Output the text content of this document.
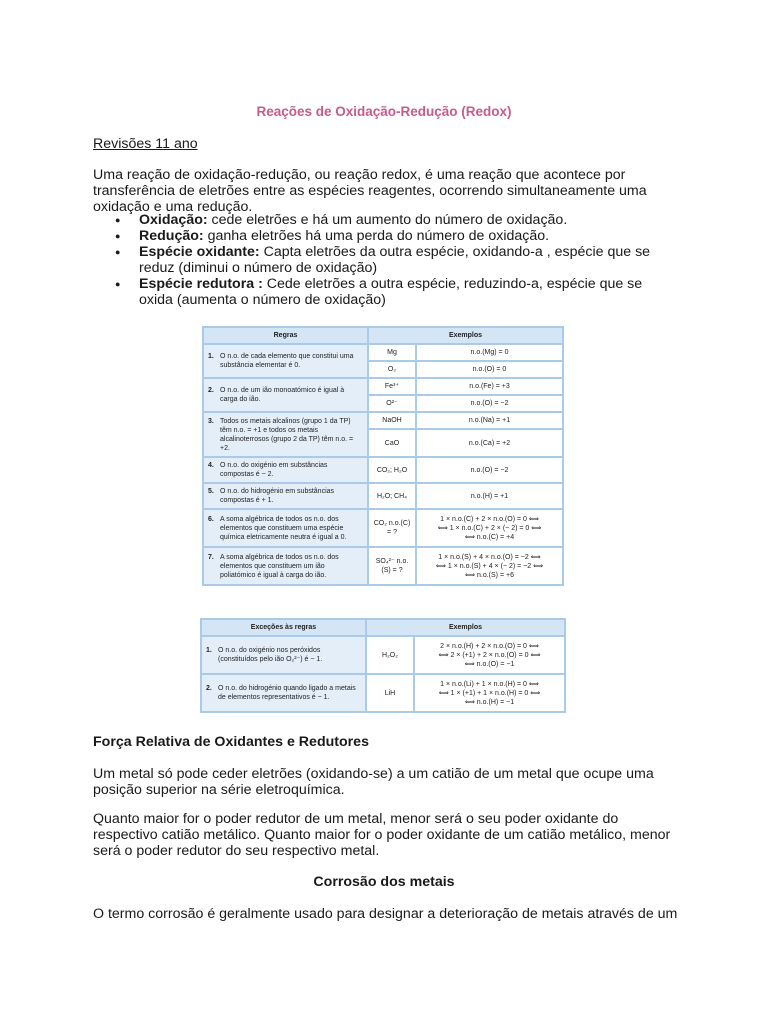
Reações de Oxidação-Redução (Redox)
Revisões 11 ano
Uma reação de oxidação-redução, ou reação redox, é uma reação que acontece por transferência de eletrões entre as espécies reagentes, ocorrendo simultaneamente uma oxidação e uma redução.
● Oxidação: cede eletrões e há um aumento do número de oxidação.
● Redução: ganha eletrões há uma perda do número de oxidação.
● Espécie oxidante: Capta eletrões da outra espécie, oxidando-a , espécie que se reduz (diminui o número de oxidação)
● Espécie redutora : Cede eletrões a outra espécie, reduzindo-a, espécie que se oxida (aumenta o número de oxidação)
Regras	Exemplos	
1. O n.o. de cada elemento que constitui uma substância elementar é 0.	Mg	n.o.(Mg) = 0
	O₂	n.o.(O) = 0
2. O n.o. de um ião monoatómico é igual à carga do ião.	Fe³⁺	n.o.(Fe) = +3
	O²⁻	n.o.(O) = −2
3. Todos os metais alcalinos (grupo 1 da TP) têm n.o. = +1 e todos os metais alcalinoterrosos (grupo 2 da TP) têm n.o. = +2.	NaOH	n.o.(Na) = +1
	CaO	n.o.(Ca) = +2
4. O n.o. do oxigénio em substâncias compostas é − 2.	CO₂; H₂O	n.o.(O) = −2
5. O n.o. do hidrogénio em substâncias compostas é + 1.	H₂O; CH₄	n.o.(H) = +1
6. A soma algébrica de todos os n.o. dos elementos que constituem uma espécie química eletricamente neutra é igual a 0.	CO₂ n.o.(C) = ?	1 × n.o.(C) + 2 × n.o.(O) = 0 ⟺
⟺ 1 × n.o.(C) + 2 × (− 2) = 0 ⟺
⟺ n.o.(C) = +4
7. A soma algébrica de todos os n.o. dos elementos que constituem um ião poliatómico é igual à carga do ião.	SO₄²⁻ n.o.(S) = ?	1 × n.o.(S) + 4 × n.o.(O) = −2 ⟺
⟺ 1 × n.o.(S) + 4 × (− 2) = −2 ⟺
⟺ n.o.(S) = +6
Exceções às regras	Exemplos	
1. O n.o. do oxigénio nos peróxidos (constituídos pelo ião O₂²⁻) é − 1.	H₂O₂	2 × n.o.(H) + 2 × n.o.(O) = 0 ⟺
⟺ 2 × (+1) + 2 × n.o.(O) = 0 ⟺
⟺ n.o.(O) = −1
2. O n.o. do hidrogénio quando ligado a metais de elementos representativos é − 1.	LiH	1 × n.o.(Li) + 1 × n.o.(H) = 0 ⟺
⟺ 1 × (+1) + 1 × n.o.(H) = 0 ⟺
⟺ n.o.(H) = −1
Força Relativa de Oxidantes e Redutores
Um metal só pode ceder eletrões (oxidando-se) a um catião de um metal que ocupe uma posição superior na série eletroquímica.
Quanto maior for o poder redutor de um metal, menor será o seu poder oxidante do respectivo catião metálico. Quanto maior for o poder oxidante de um catião metálico, menor será o poder redutor do seu respectivo metal.
Corrosão dos metais
O termo corrosão é geralmente usado para designar a deterioração de metais através de um
